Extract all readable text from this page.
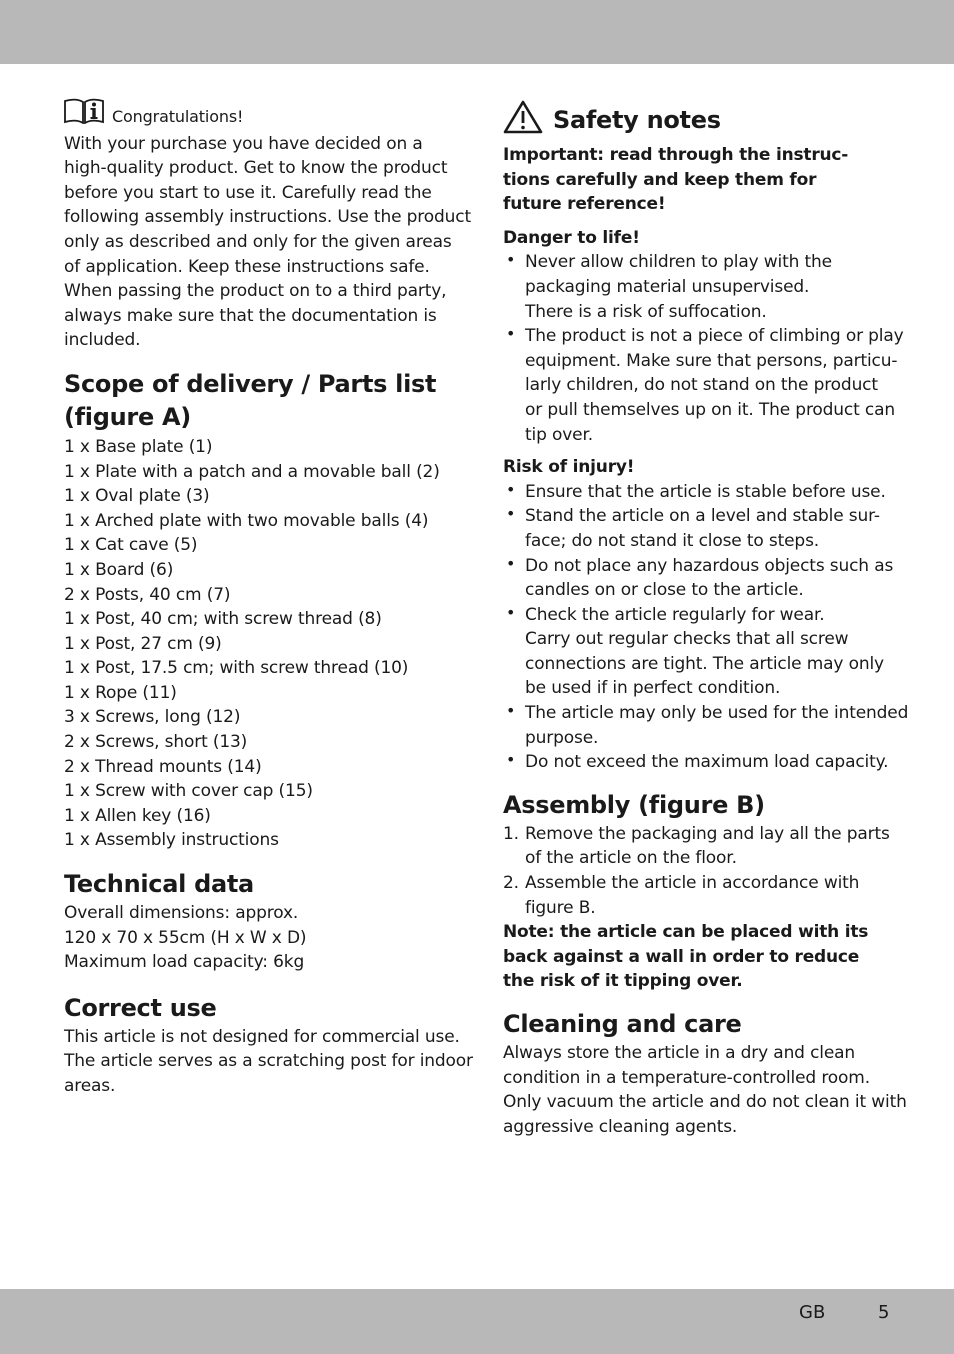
Congratulations!

With your purchase you have decided on a

high-quality product. Get to know the product

before you start to use it. Carefully read the

following assembly instructions. Use the product

only as described and only for the given areas

of application. Keep these instructions safe.

When passing the product on to a third party,

always make sure that the documentation is

included.

Scope of delivery / Parts list
(figure A)

1 x Base plate (1)

1 x Plate with a patch and a movable ball (2)

1 x Oval plate (3)

1 x Arched plate with two movable balls (4)

1 x Cat cave (5)

1 x Board (6)

2 x Posts, 40 cm (7)

1 x Post, 40 cm; with screw thread (8)

1 x Post, 27 cm (9)

1 x Post, 17.5 cm; with screw thread (10)

1 x Rope (11)

3 x Screws, long (12)

2 x Screws, short (13)

2 x Thread mounts (14)

1 x Screw with cover cap (15)

1 x Allen key (16)

1 x Assembly instructions

Technical data

Overall dimensions: approx.

120 x 70 x 55cm (H x W x D)

Maximum load capacity: 6kg

Correct use

This article is not designed for commercial use.

The article serves as a scratching post for indoor

areas.

Safety notes

Important: read through the instruc-

tions carefully and keep them for

future reference!

Danger to life!

• Never allow children to play with the

packaging material unsupervised.

There is a risk of suffocation.

• The product is not a piece of climbing or play

equipment. Make sure that persons, particu-

larly children, do not stand on the product

or pull themselves up on it. The product can

tip over.

Risk of injury!

• Ensure that the article is stable before use.

• Stand the article on a level and stable sur-

face; do not stand it close to steps.

• Do not place any hazardous objects such as

candles on or close to the article.

• Check the article regularly for wear.

Carry out regular checks that all screw

connections are tight. The article may only

be used if in perfect condition.

• The article may only be used for the intended

purpose.

• Do not exceed the maximum load capacity.

Assembly (figure B)
1. Remove the packaging and lay all the parts

of the article on the floor.

2. Assemble the article in accordance with

figure B.

Note: the article can be placed with its

back against a wall in order to reduce

the risk of it tipping over.

Cleaning and care

Always store the article in a dry and clean

condition in a temperature-controlled room.

Only vacuum the article and do not clean it with

aggressive cleaning agents.

GB	5
